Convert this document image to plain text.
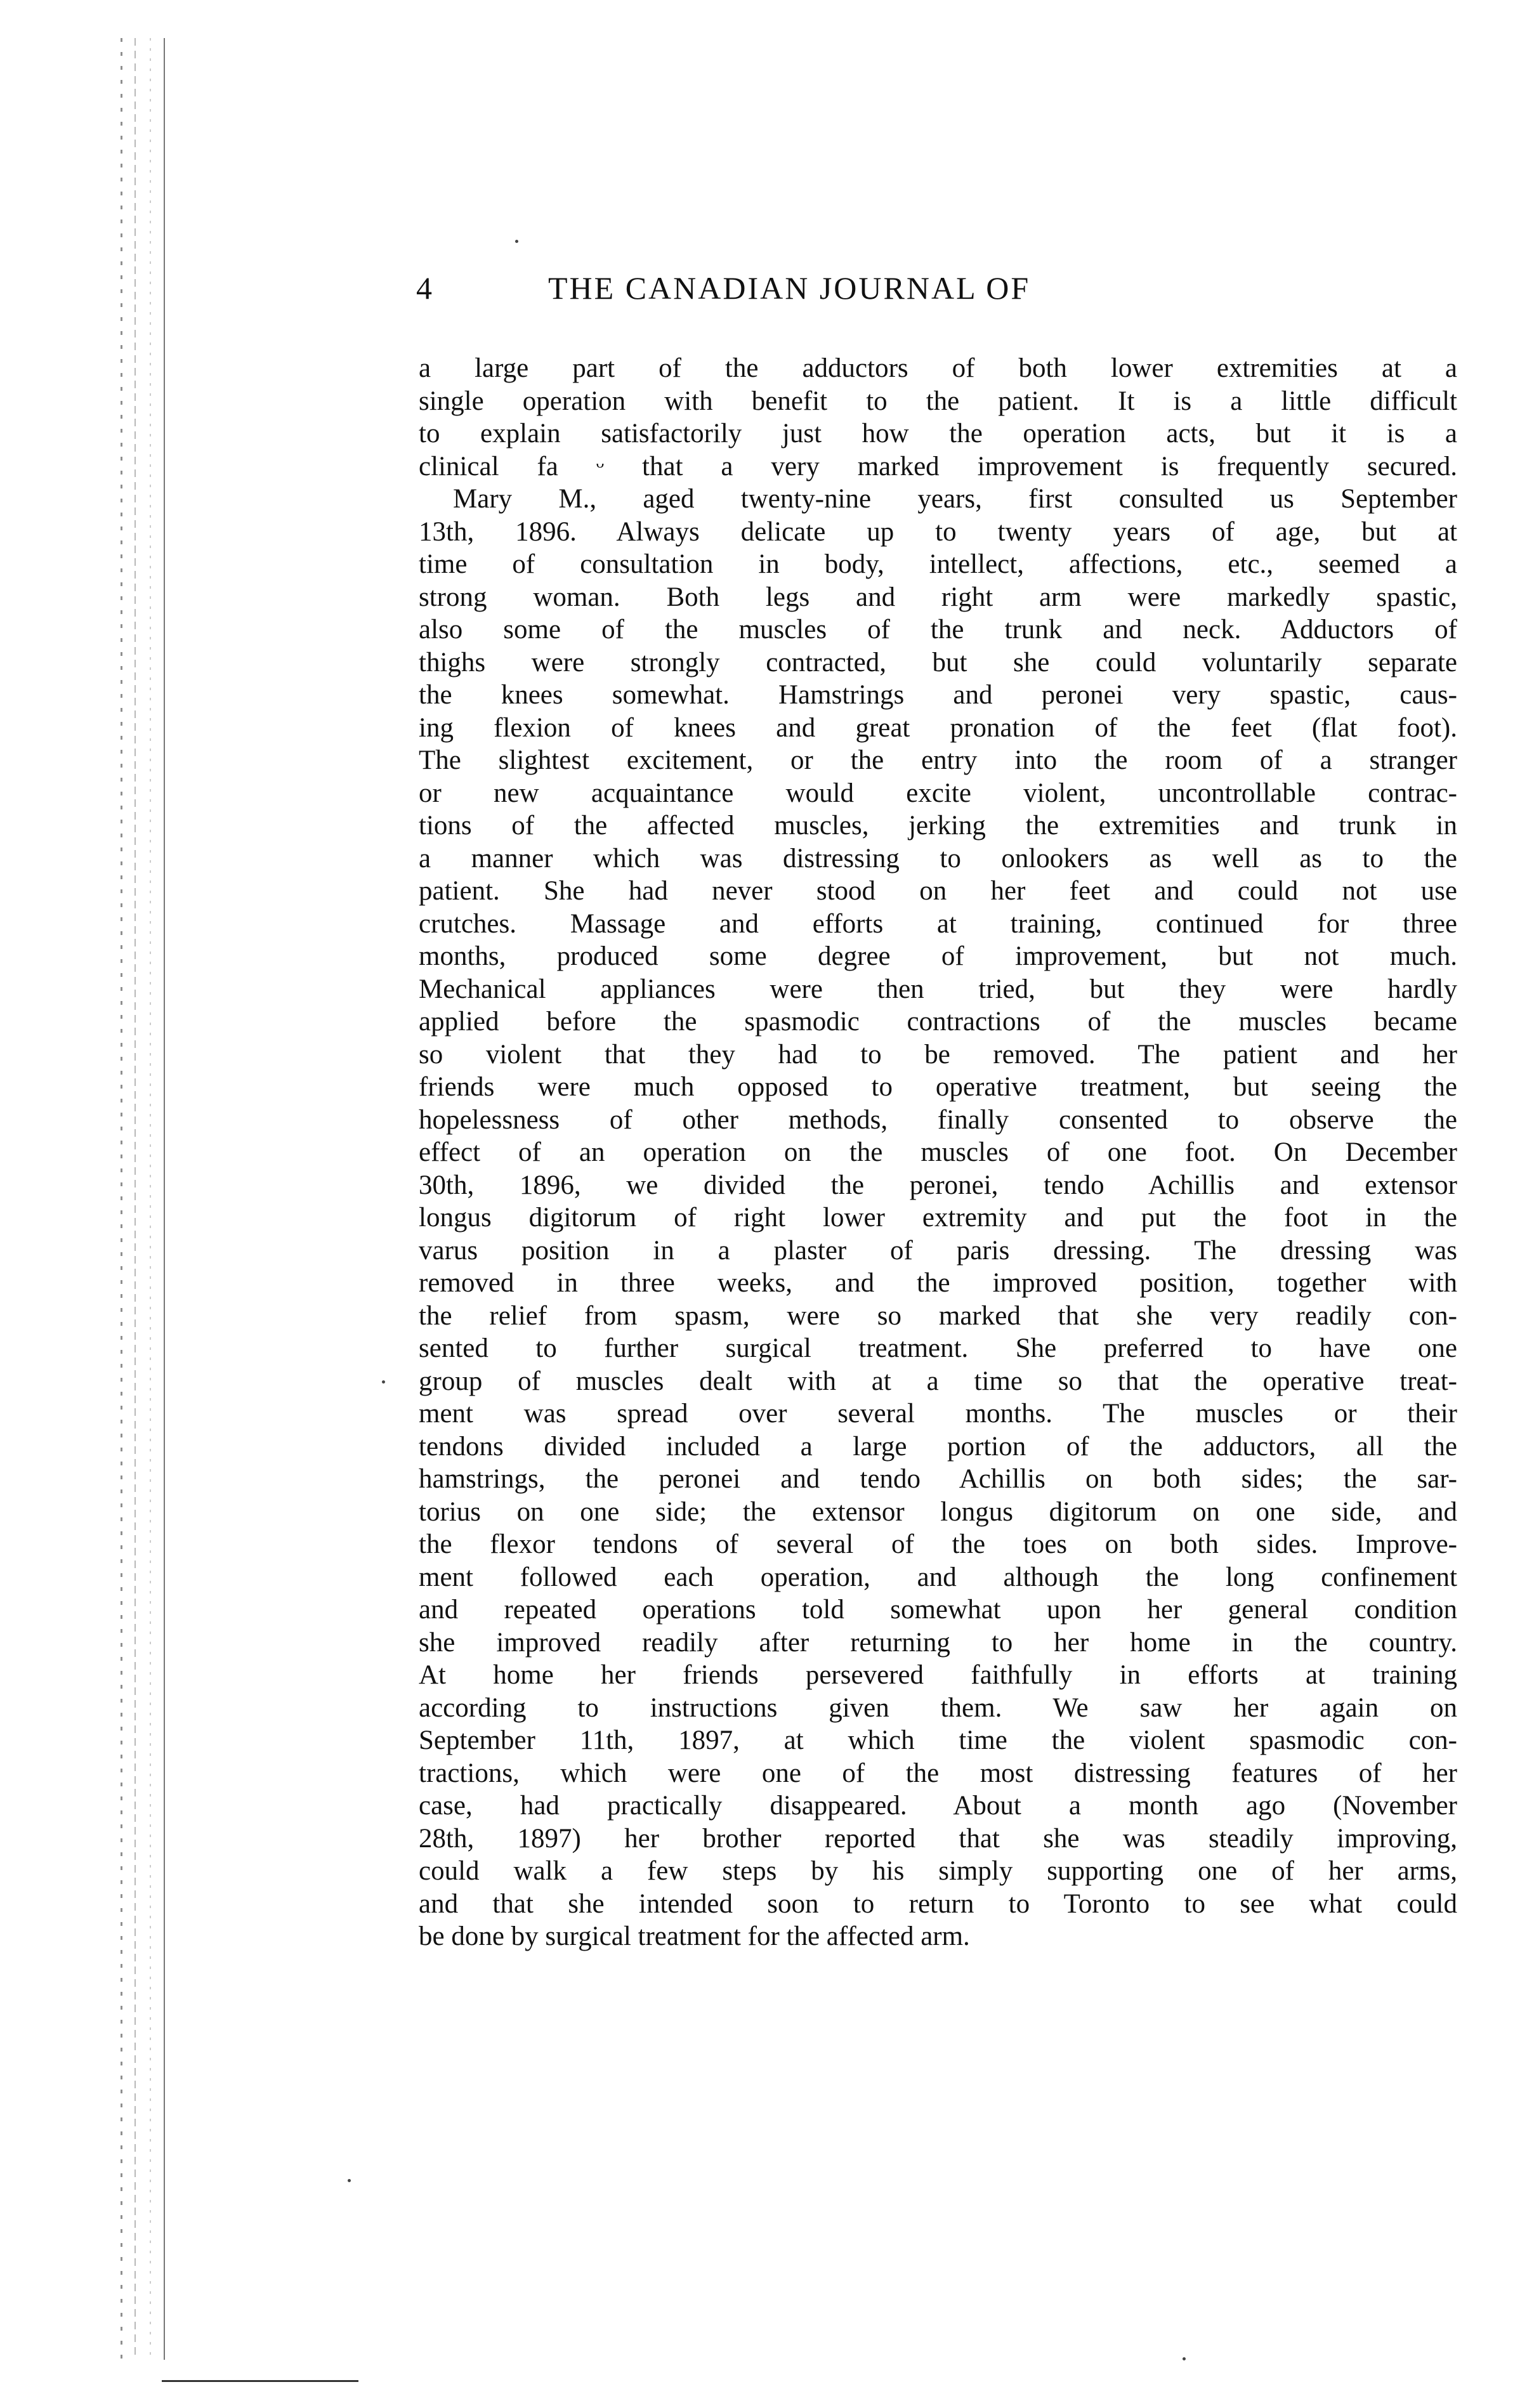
4	THE CANADIAN JOURNAL OF
a large part of the adductors of both lower extremities at a
single operation with benefit to the patient. It is a little difficult
to explain satisfactorily just how the operation acts, but it is a
clinical fa ᵕ that a very marked improvement is frequently secured.
Mary M., aged twenty-nine years, first consulted us September
13th, 1896. Always delicate up to twenty years of age, but at
time of consultation in body, intellect, affections, etc., seemed a
strong woman. Both legs and right arm were markedly spastic,
also some of the muscles of the trunk and neck. Adductors of
thighs were strongly contracted, but she could voluntarily separate
the knees somewhat. Hamstrings and peronei very spastic, caus-
ing flexion of knees and great pronation of the feet (flat foot).
The slightest excitement, or the entry into the room of a stranger
or new acquaintance would excite violent, uncontrollable contrac-
tions of the affected muscles, jerking the extremities and trunk in
a manner which was distressing to onlookers as well as to the
patient. She had never stood on her feet and could not use
crutches. Massage and efforts at training, continued for three
months, produced some degree of improvement, but not much.
Mechanical appliances were then tried, but they were hardly
applied before the spasmodic contractions of the muscles became
so violent that they had to be removed. The patient and her
friends were much opposed to operative treatment, but seeing the
hopelessness of other methods, finally consented to observe the
effect of an operation on the muscles of one foot. On December
30th, 1896, we divided the peronei, tendo Achillis and extensor
longus digitorum of right lower extremity and put the foot in the
varus position in a plaster of paris dressing. The dressing was
removed in three weeks, and the improved position, together with
the relief from spasm, were so marked that she very readily con-
sented to further surgical treatment. She preferred to have one
group of muscles dealt with at a time so that the operative treat-
ment was spread over several months. The muscles or their
tendons divided included a large portion of the adductors, all the
hamstrings, the peronei and tendo Achillis on both sides; the sar-
torius on one side; the extensor longus digitorum on one side, and
the flexor tendons of several of the toes on both sides. Improve-
ment followed each operation, and although the long confinement
and repeated operations told somewhat upon her general condition
she improved readily after returning to her home in the country.
At home her friends persevered faithfully in efforts at training
according to instructions given them. We saw her again on
September 11th, 1897, at which time the violent spasmodic con-
tractions, which were one of the most distressing features of her
case, had practically disappeared. About a month ago (November
28th, 1897) her brother reported that she was steadily improving,
could walk a few steps by his simply supporting one of her arms,
and that she intended soon to return to Toronto to see what could
be done by surgical treatment for the affected arm.
